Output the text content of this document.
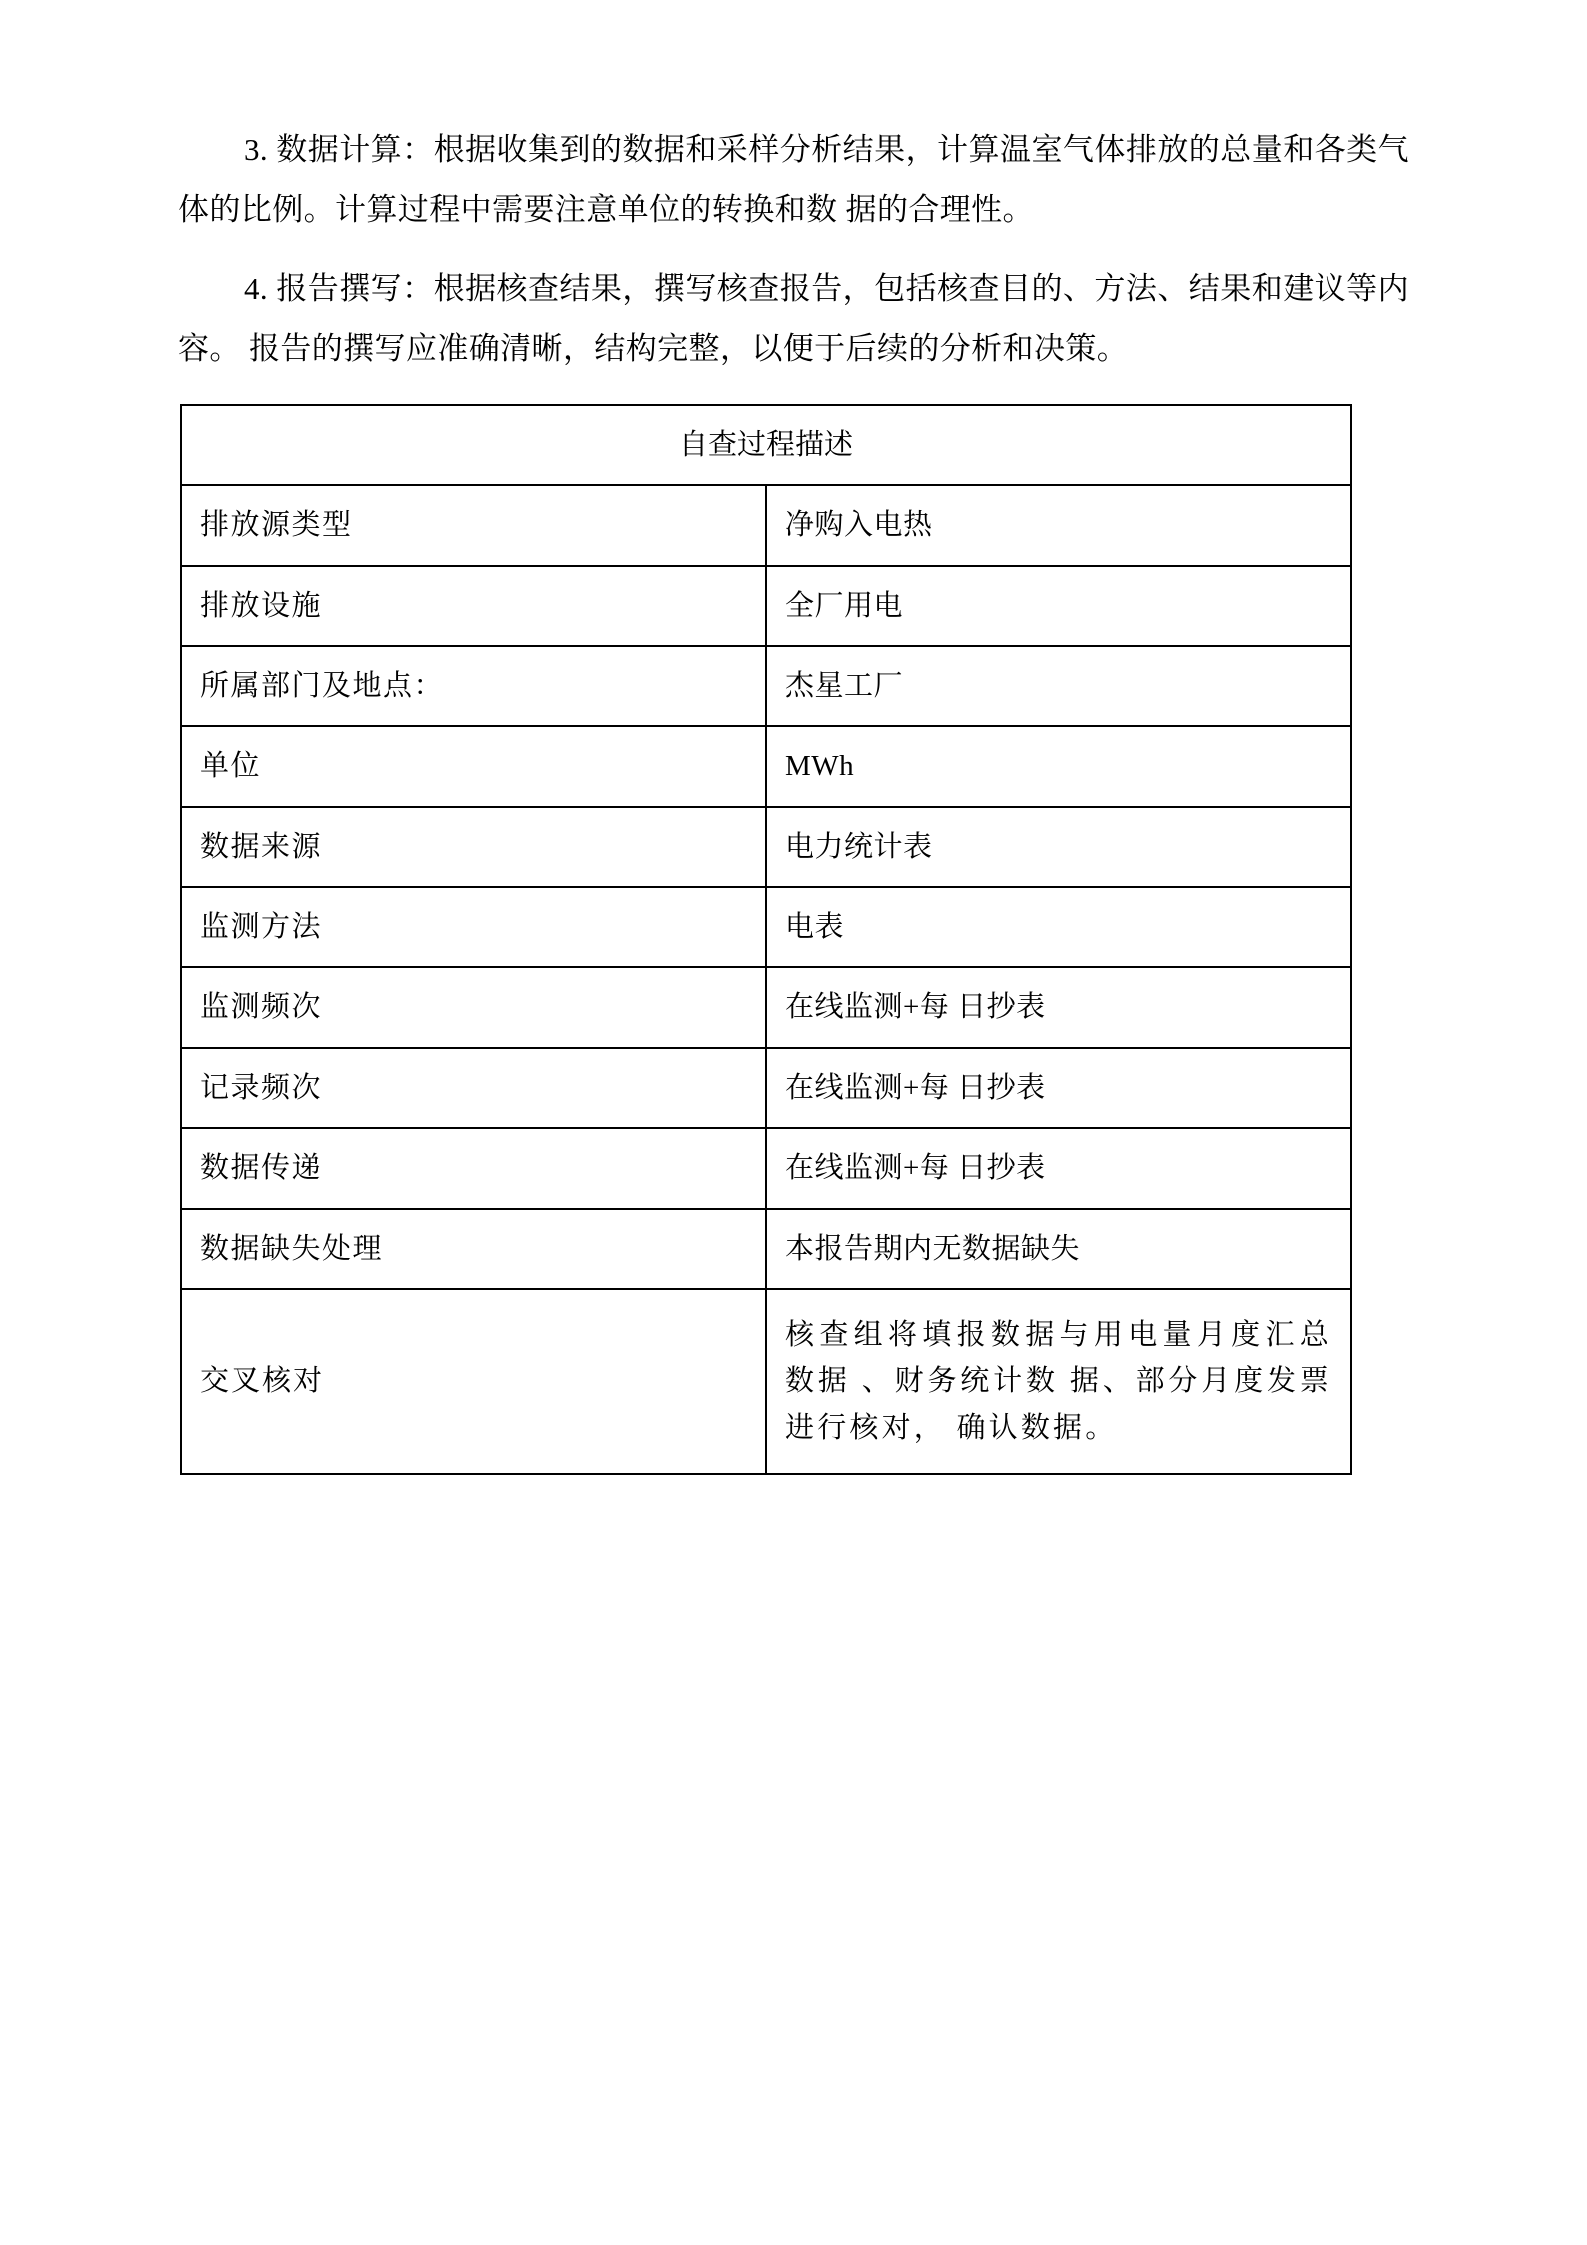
3. 数据计算：根据收集到的数据和采样分析结果，计算温室气体排放的总量和各类气体的比例。计算过程中需要注意单位的转换和数 据的合理性。

4. 报告撰写：根据核查结果，撰写核查报告，包括核查目的、方法、结果和建议等内容。 报告的撰写应准确清晰，结构完整，以便于后续的分析和决策。

自查过程描述	
排放源类型	净购入电热
排放设施	全厂用电
所属部门及地点：	杰星工厂
单位	MWh
数据来源	电力统计表
监测方法	电表
监测频次	在线监测+每 日抄表
记录频次	在线监测+每 日抄表
数据传递	在线监测+每 日抄表
数据缺失处理	本报告期内无数据缺失
交叉核对	核查组将填报数据与用电量月度汇总数据 、财务统计数 据、部分月度发票进行核对， 确认数据。
